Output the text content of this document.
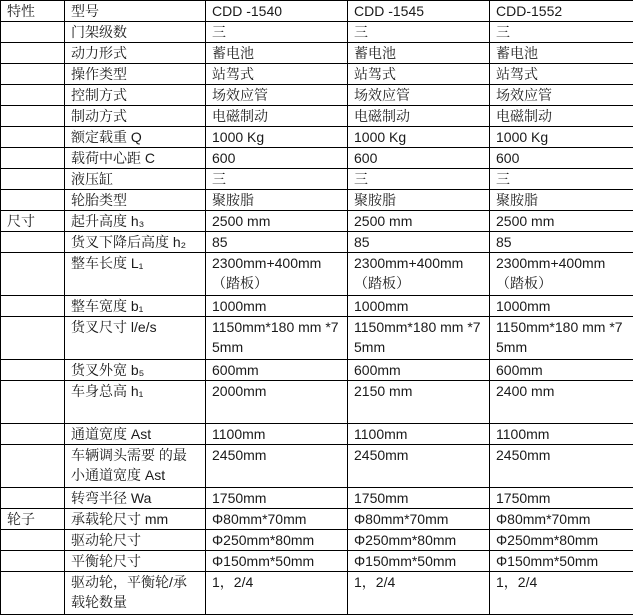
特性	型号	CDD -1540	CDD -1545	CDD-1552
	门架级数	三	三	三
	动力形式	蓄电池	蓄电池	蓄电池
	操作类型	站驾式	站驾式	站驾式
	控制方式	场效应管	场效应管	场效应管
	制动方式	电磁制动	电磁制动	电磁制动
	额定载重 Q	1000 Kg	1000 Kg	1000 Kg
	载荷中心距 C	600	600	600
	液压缸	三	三	三
	轮胎类型	聚胺脂	聚胺脂	聚胺脂
尺寸	起升高度 h₃	2500 mm	2500 mm	2500 mm
	货叉下降后高度 h₂	85	85	85
	整车长度 L₁	2300mm+400mm（踏板）	2300mm+400mm（踏板）	2300mm+400mm（踏板）
	整车宽度 b₁	1000mm	1000mm	1000mm
	货叉尺寸 l/e/s	1150mm*180 mm *75mm	1150mm*180 mm *75mm	1150mm*180 mm *75mm
	货叉外宽 b₅	600mm	600mm	600mm
	车身总高 h₁	2000mm	2150 mm	2400 mm
	通道宽度 Ast	1100mm	1100mm	1100mm
	车辆调头需要 的最小通道宽度 Ast	2450mm	2450mm	2450mm
	转弯半径 Wa	1750mm	1750mm	1750mm
轮子	承载轮尺寸 mm	Φ80mm*70mm	Φ80mm*70mm	Φ80mm*70mm
	驱动轮尺寸	Φ250mm*80mm	Φ250mm*80mm	Φ250mm*80mm
	平衡轮尺寸	Φ150mm*50mm	Φ150mm*50mm	Φ150mm*50mm
	驱动轮，平衡轮/承载轮数量	1，2/4	1，2/4	1，2/4
